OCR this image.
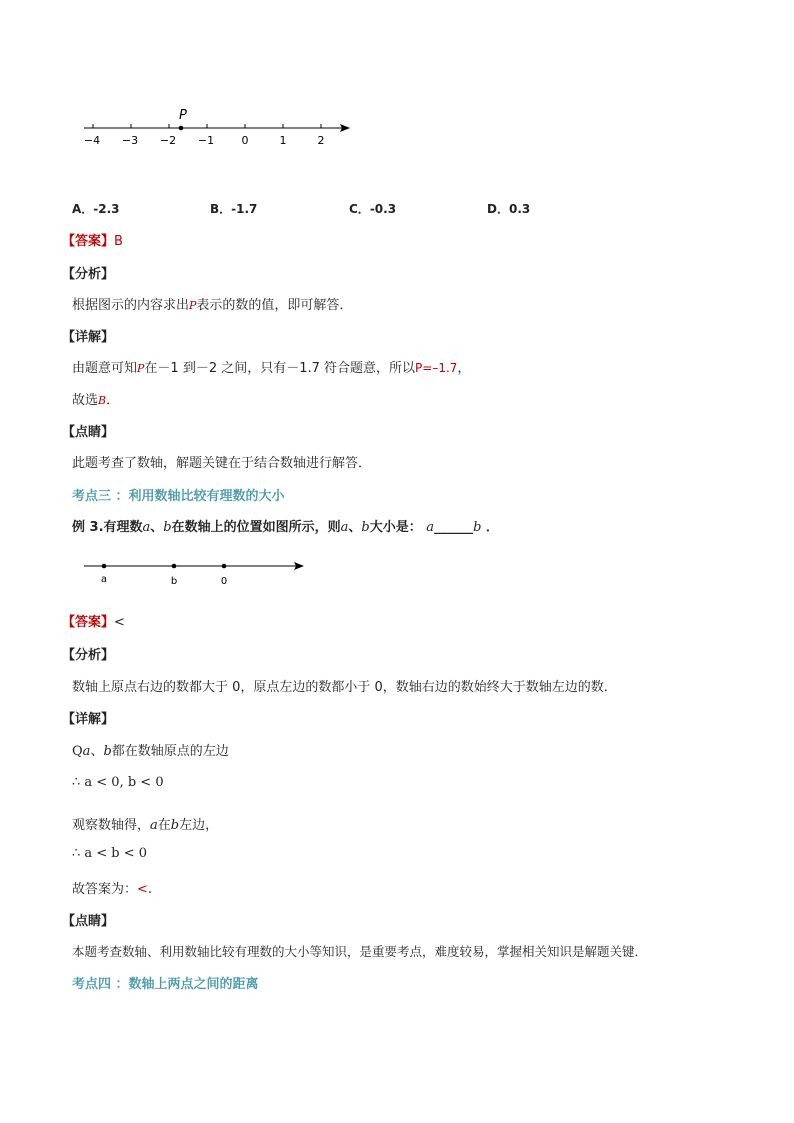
P
−4 −3 −2 −1 0	1	2
A．-2.3	B．-1.7	C．-0.3	D．0.3
【答案】B
【分析】
根据图示的内容求出P表示的数的值，即可解答．
【详解】
由题意可知P在－1 到－2 之间，只有－1.7 符合题意，所以P=–1.7，
故选B．
【点睛】
此题考查了数轴，解题关键在于结合数轴进行解答．
考点三 ：利用数轴比较有理数的大小
例 3.有理数a、b在数轴上的位置如图所示，则a、b大小是： a______b ．
a	b	0
【答案】<
【分析】
数轴上原点右边的数都大于 0，原点左边的数都小于 0，数轴右边的数始终大于数轴左边的数．
【详解】
Qa、b都在数轴原点的左边
∴ a < 0, b < 0
观察数轴得，a在b左边，
∴ a < b < 0
故答案为：<.
【点睛】
本题考查数轴、利用数轴比较有理数的大小等知识，是重要考点，难度较易，掌握相关知识是解题关键．
考点四 ：数轴上两点之间的距离
